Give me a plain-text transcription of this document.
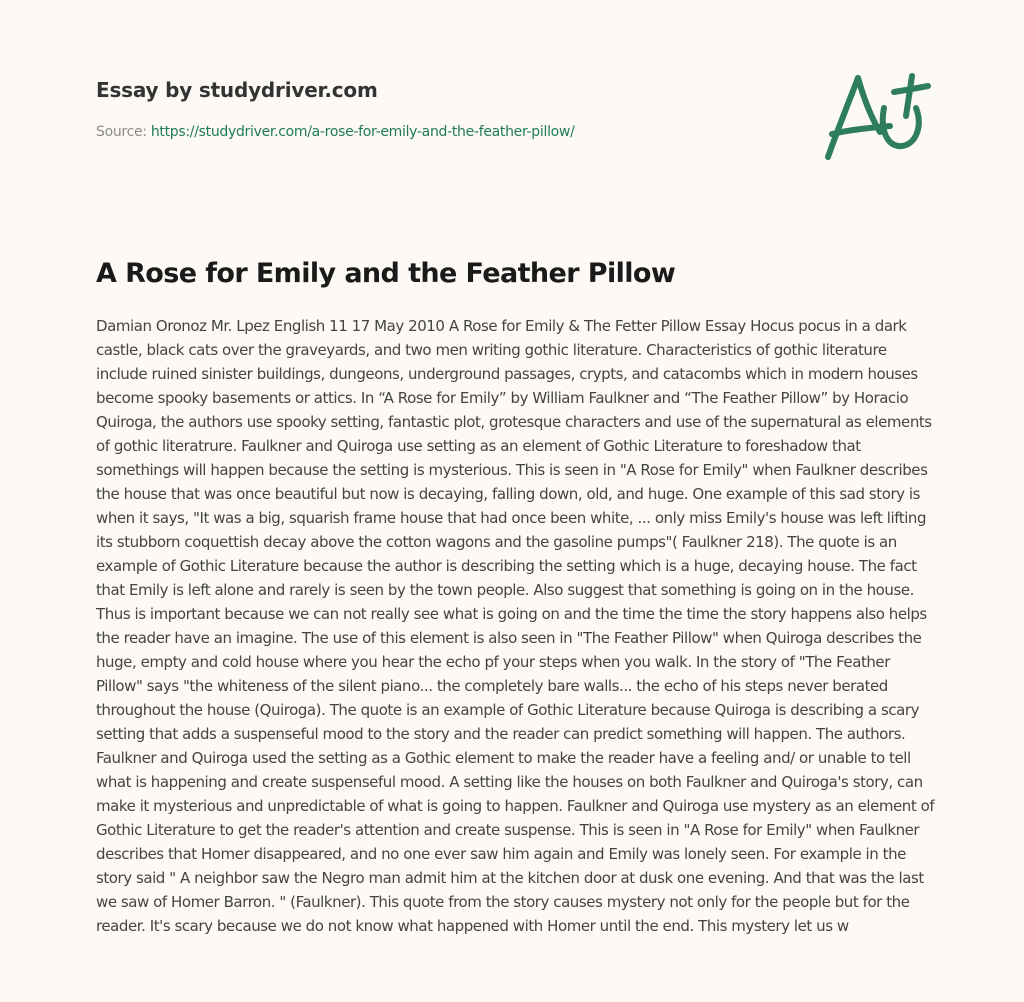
Essay by studydriver.com
Source: https://studydriver.com/a-rose-for-emily-and-the-feather-pillow/
A Rose for Emily and the Feather Pillow

Damian Oronoz Mr. Lpez English 11 17 May 2010 A Rose for Emily & The Fetter Pillow Essay Hocus pocus in a dark castle, black cats over the graveyards, and two men writing gothic literature. Characteristics of gothic literature include ruined sinister buildings, dungeons, underground passages, crypts, and catacombs which in modern houses become spooky basements or attics. In “A Rose for Emily” by William Faulkner and “The Feather Pillow” by Horacio Quiroga, the authors use spooky setting, fantastic plot, grotesque characters and use of the supernatural as elements of gothic literatrure. Faulkner and Quiroga use setting as an element of Gothic Literature to foreshadow that somethings will happen because the setting is mysterious. This is seen in "A Rose for Emily" when Faulkner describes the house that was once beautiful but now is decaying, falling down, old, and huge. One example of this sad story is when it says, "It was a big, squarish frame house that had once been white, ... only miss Emily's house was left lifting its stubborn coquettish decay above the cotton wagons and the gasoline pumps"( Faulkner 218). The quote is an example of Gothic Literature because the author is describing the setting which is a huge, decaying house. The fact that Emily is left alone and rarely is seen by the town people. Also suggest that something is going on in the house. Thus is important because we can not really see what is going on and the time the time the story happens also helps the reader have an imagine. The use of this element is also seen in "The Feather Pillow" when Quiroga describes the huge, empty and cold house where you hear the echo pf your steps when you walk. In the story of "The Feather Pillow" says "the whiteness of the silent piano... the completely bare walls... the echo of his steps never berated throughout the house (Quiroga). The quote is an example of Gothic Literature because Quiroga is describing a scary setting that adds a suspenseful mood to the story and the reader can predict something will happen. The authors. Faulkner and Quiroga used the setting as a Gothic element to make the reader have a feeling and/ or unable to tell what is happening and create suspenseful mood. A setting like the houses on both Faulkner and Quiroga's story, can make it mysterious and unpredictable of what is going to happen. Faulkner and Quiroga use mystery as an element of Gothic Literature to get the reader's attention and create suspense. This is seen in "A Rose for Emily" when Faulkner describes that Homer disappeared, and no one ever saw him again and Emily was lonely seen. For example in the story said " A neighbor saw the Negro man admit him at the kitchen door at dusk one evening. And that was the last we saw of Homer Barron. " (Faulkner). This quote from the story causes mystery not only for the people but for the reader. It's scary because we do not know what happened with Homer until the end. This mystery let us w
